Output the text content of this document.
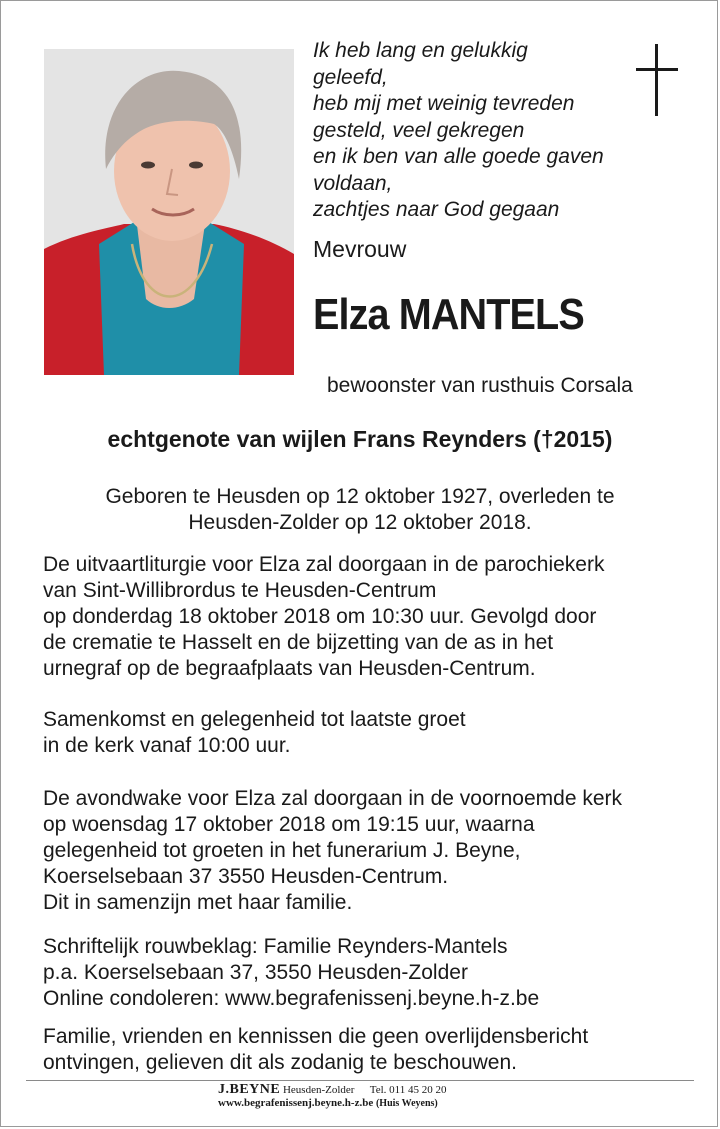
Ik heb lang en gelukkig
geleefd,
heb mij met weinig tevreden
gesteld, veel gekregen
en ik ben van alle goede gaven
voldaan,
zachtjes naar God gegaan
Mevrouw
Elza MANTELS
bewoonster van rusthuis Corsala
echtgenote van wijlen Frans Reynders (†2015)
Geboren te Heusden op 12 oktober 1927, overleden te
Heusden-Zolder op 12 oktober 2018.
De uitvaartliturgie voor Elza zal doorgaan in de parochiekerk
van Sint-Willibrordus te Heusden-Centrum
op donderdag 18 oktober 2018 om 10:30 uur. Gevolgd door
de crematie te Hasselt en de bijzetting van de as in het
urnegraf op de begraafplaats van Heusden-Centrum.
Samenkomst en gelegenheid tot laatste groet
in de kerk vanaf 10:00 uur.
De avondwake voor Elza zal doorgaan in de voornoemde kerk
op woensdag 17 oktober 2018 om 19:15 uur, waarna
gelegenheid tot groeten in het funerarium J. Beyne,
Koerselsebaan 37 3550 Heusden-Centrum.
Dit in samenzijn met haar familie.
Schriftelijk rouwbeklag: Familie Reynders-Mantels
p.a. Koerselsebaan 37, 3550 Heusden-Zolder
Online condoleren: www.begrafenissenj.beyne.h-z.be
Familie, vrienden en kennissen die geen overlijdensbericht
ontvingen, gelieven dit als zodanig te beschouwen.
J.BEYNE Heusden-Zolder Tel. 011 45 20 20
www.begrafenissenj.beyne.h-z.be (Huis Weyens)
